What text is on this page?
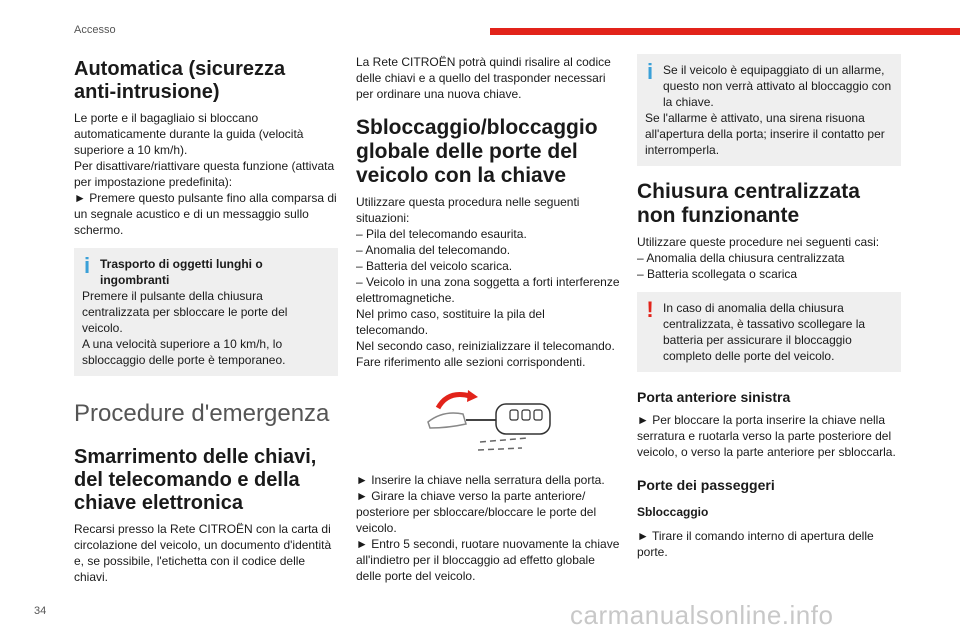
Accesso
Automatica (sicurezza
anti-intrusione)

Le porte e il bagagliaio si bloccano automaticamente durante la guida (velocità superiore a 10 km/h).
Per disattivare/riattivare questa funzione (attivata per impostazione predefinita):
► Premere questo pulsante fino alla comparsa di un segnale acustico e di un messaggio sullo schermo.

i Trasporto di oggetti lunghi o ingombranti

Premere il pulsante della chiusura centralizzata per sbloccare le porte del veicolo.
A una velocità superiore a 10 km/h, lo sbloccaggio delle porte è temporaneo.

Procedure d'emergenza
Smarrimento delle chiavi, del telecomando e della chiave elettronica

Recarsi presso la Rete CITROËN con la carta di circolazione del veicolo, un documento d'identità e, se possibile, l'etichetta con il codice delle chiavi.

La Rete CITROËN potrà quindi risalire al codice delle chiavi e a quello del trasponder necessari per ordinare una nuova chiave.

Sbloccaggio/bloccaggio globale delle porte del veicolo con la chiave

Utilizzare questa procedura nelle seguenti situazioni:
– Pila del telecomando esaurita.
– Anomalia del telecomando.
– Batteria del veicolo scarica.
– Veicolo in una zona soggetta a forti interferenze elettromagnetiche.
Nel primo caso, sostituire la pila del telecomando.
Nel secondo caso, reinizializzare il telecomando.
Fare riferimento alle sezioni corrispondenti.

► Inserire la chiave nella serratura della porta.
► Girare la chiave verso la parte anteriore/ posteriore per sbloccare/bloccare le porte del veicolo.
► Entro 5 secondi, ruotare nuovamente la chiave all'indietro per il bloccaggio ad effetto globale delle porte del veicolo.

i Se il veicolo è equipaggiato di un allarme, questo non verrà attivato al bloccaggio con la chiave.

Se l'allarme è attivato, una sirena risuona all'apertura della porta; inserire il contatto per interromperla.

Chiusura centralizzata non funzionante

Utilizzare queste procedure nei seguenti casi:
– Anomalia della chiusura centralizzata
– Batteria scollegata o scarica

! In caso di anomalia della chiusura centralizzata, è tassativo scollegare la batteria per assicurare il bloccaggio completo delle porte del veicolo.

Porta anteriore sinistra

► Per bloccare la porta inserire la chiave nella serratura e ruotarla verso la parte posteriore del veicolo, o verso la parte anteriore per sbloccarla.

Porte dei passeggeri
Sbloccaggio

► Tirare il comando interno di apertura delle porte.

34	carmanualsonline.info
